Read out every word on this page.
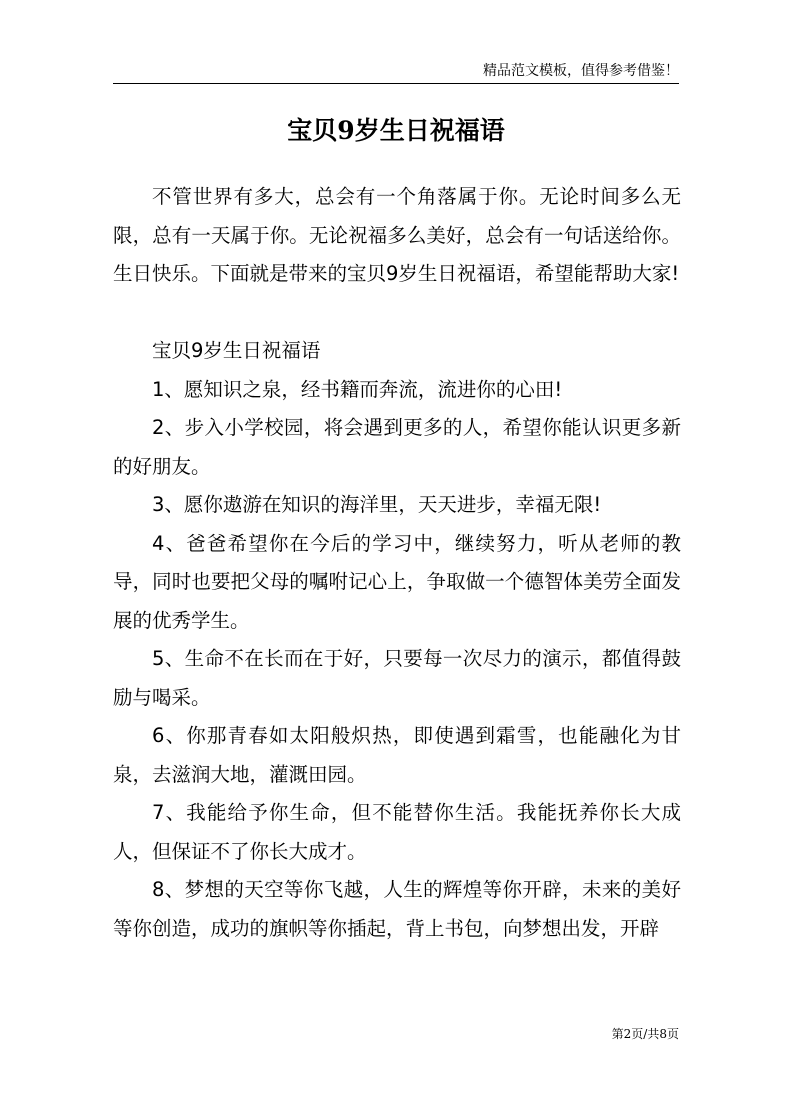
精品范文模板，值得参考借鉴！
宝贝9岁生日祝福语

不管世界有多大，总会有一个角落属于你。无论时间多么无限，总有一天属于你。无论祝福多么美好，总会有一句话送给你。生日快乐。下面就是带来的宝贝9岁生日祝福语，希望能帮助大家!

宝贝9岁生日祝福语

1、愿知识之泉，经书籍而奔流，流进你的心田!

2、步入小学校园，将会遇到更多的人，希望你能认识更多新的好朋友。

3、愿你遨游在知识的海洋里，天天进步，幸福无限!

4、爸爸希望你在今后的学习中，继续努力，听从老师的教导，同时也要把父母的嘱咐记心上，争取做一个德智体美劳全面发展的优秀学生。

5、生命不在长而在于好，只要每一次尽力的演示，都值得鼓励与喝采。

6、你那青春如太阳般炽热，即使遇到霜雪，也能融化为甘泉，去滋润大地，灌溉田园。

7、我能给予你生命，但不能替你生活。我能抚养你长大成人，但保证不了你长大成才。

8、梦想的天空等你飞越，人生的辉煌等你开辟，未来的美好等你创造，成功的旗帜等你插起，背上书包，向梦想出发，开辟

第2页/共8页
